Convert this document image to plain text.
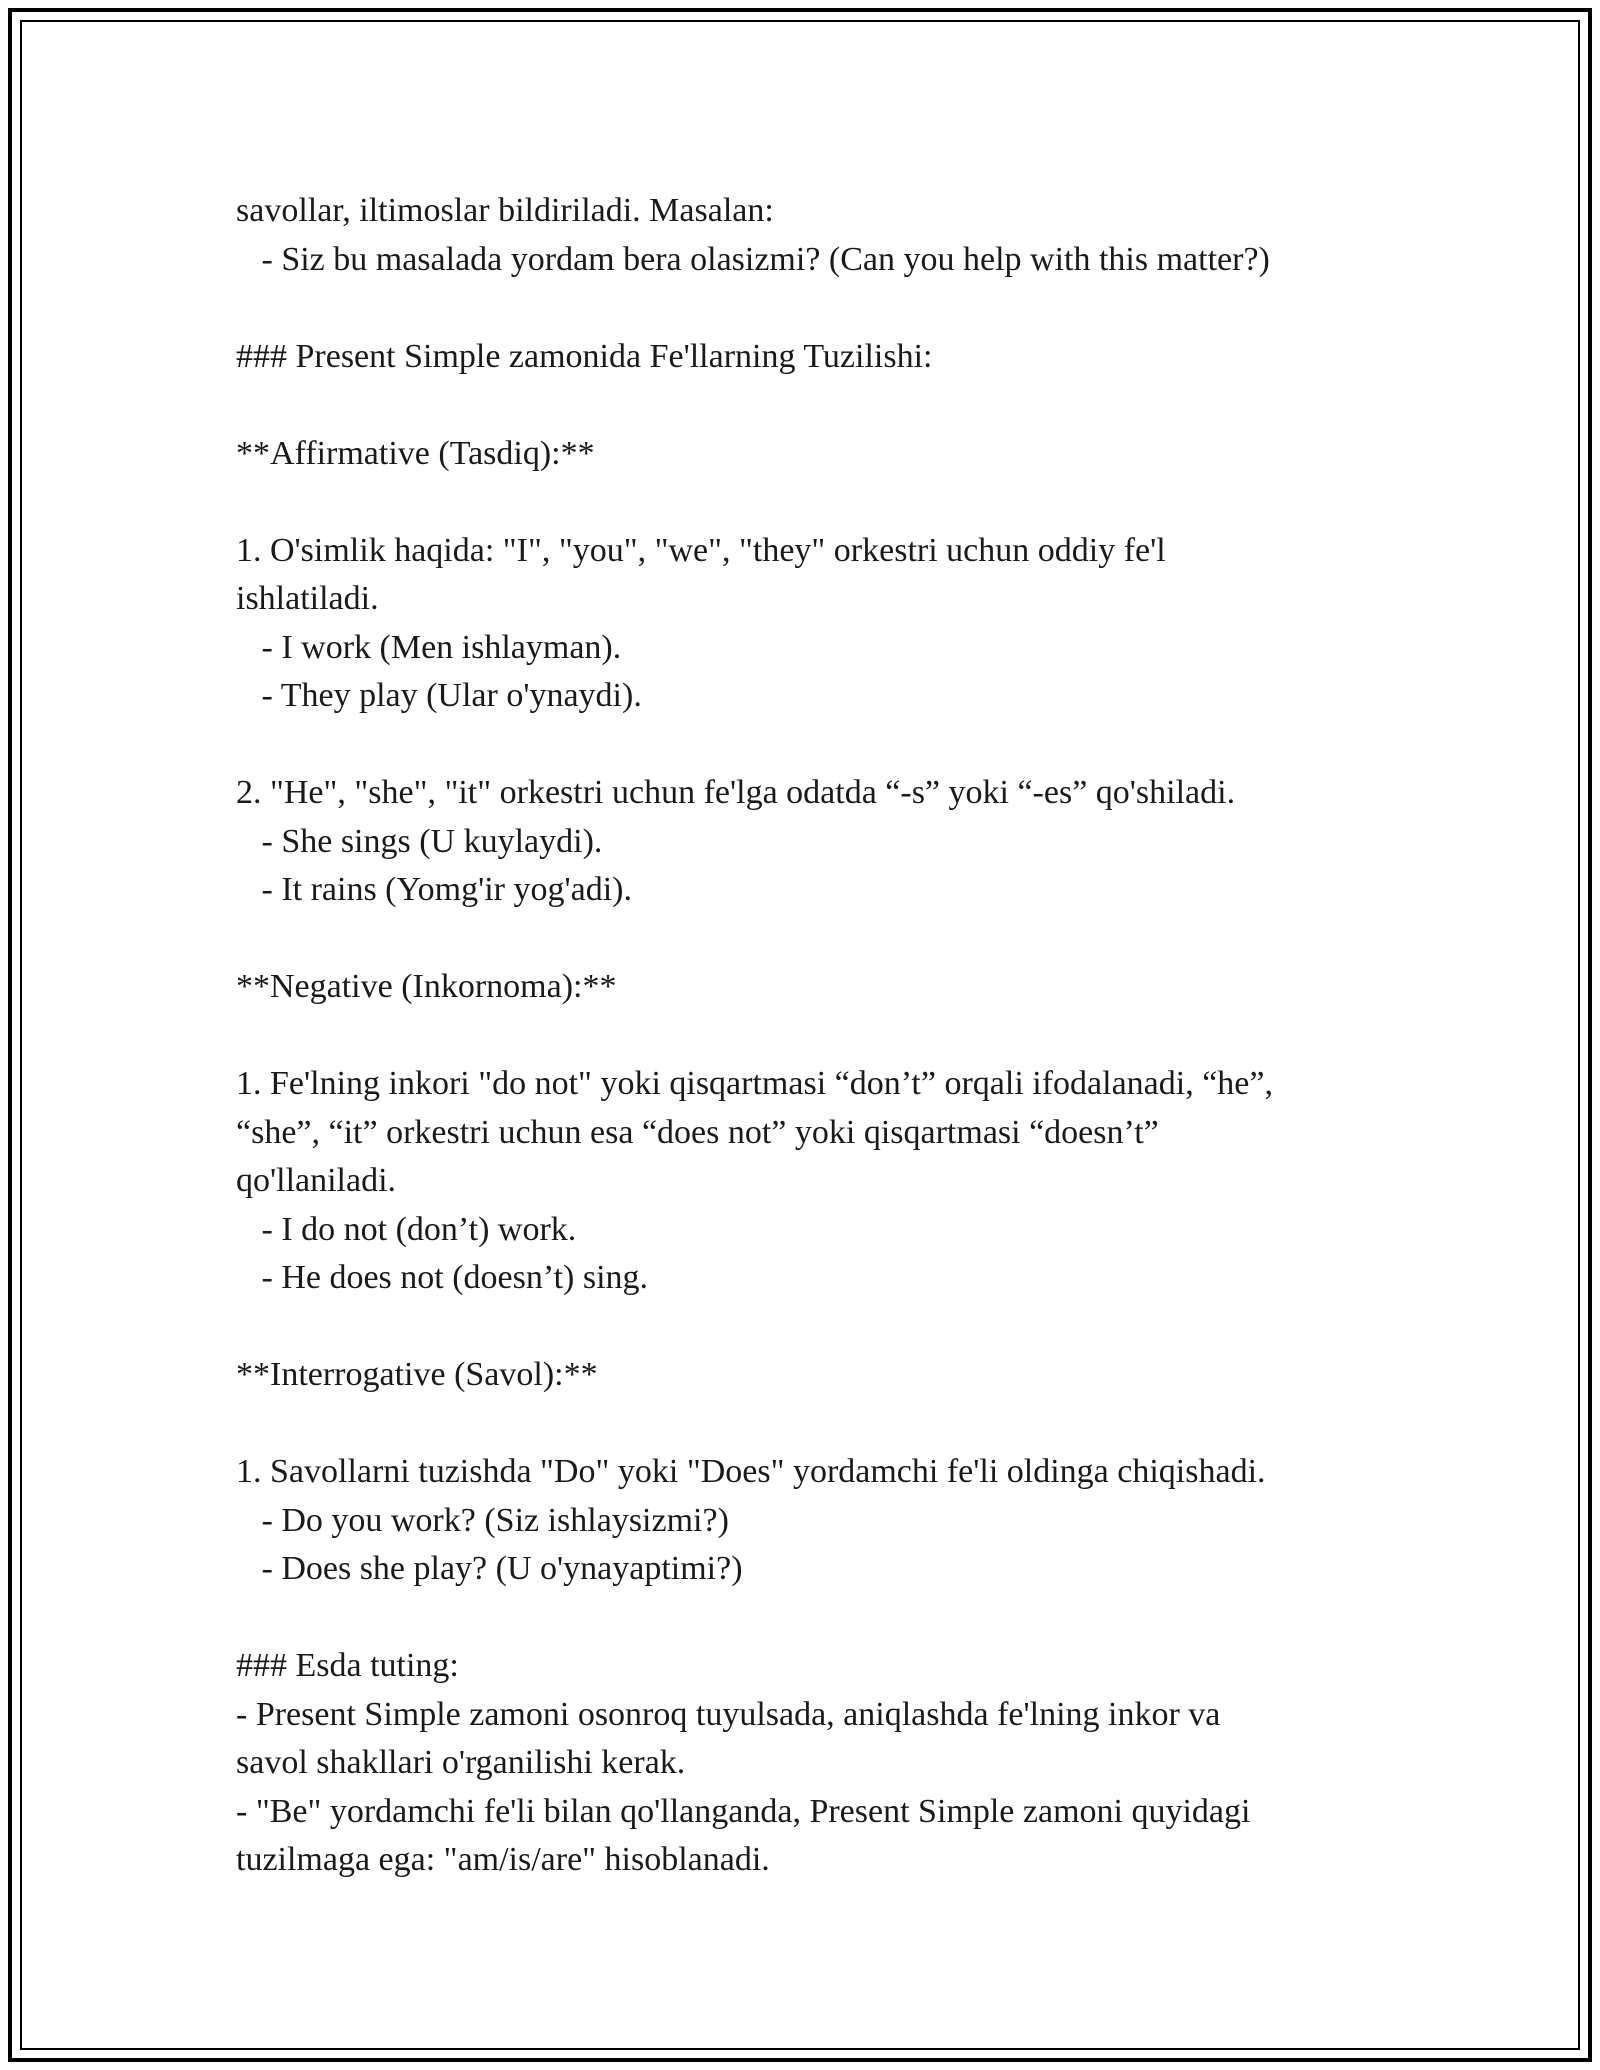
savollar, iltimoslar bildiriladi. Masalan:
- Siz bu masalada yordam bera olasizmi? (Can you help with this matter?)
### Present Simple zamonida Fe'llarning Tuzilishi:
**Affirmative (Tasdiq):**
1. O'simlik haqida: "I", "you", "we", "they" orkestri uchun oddiy fe'l
ishlatiladi.
- I work (Men ishlayman).
- They play (Ular o'ynaydi).
2. "He", "she", "it" orkestri uchun fe'lga odatda “-s” yoki “-es” qo'shiladi.
- She sings (U kuylaydi).
- It rains (Yomg'ir yog'adi).
**Negative (Inkornoma):**
1. Fe'lning inkori "do not" yoki qisqartmasi “don’t” orqali ifodalanadi, “he”,
“she”, “it” orkestri uchun esa “does not” yoki qisqartmasi “doesn’t”
qo'llaniladi.
- I do not (don’t) work.
- He does not (doesn’t) sing.
**Interrogative (Savol):**
1. Savollarni tuzishda "Do" yoki "Does" yordamchi fe'li oldinga chiqishadi.
- Do you work? (Siz ishlaysizmi?)
- Does she play? (U o'ynayaptimi?)
### Esda tuting:
- Present Simple zamoni osonroq tuyulsada, aniqlashda fe'lning inkor va
savol shakllari o'rganilishi kerak.
- "Be" yordamchi fe'li bilan qo'llanganda, Present Simple zamoni quyidagi
tuzilmaga ega: "am/is/are" hisoblanadi.
